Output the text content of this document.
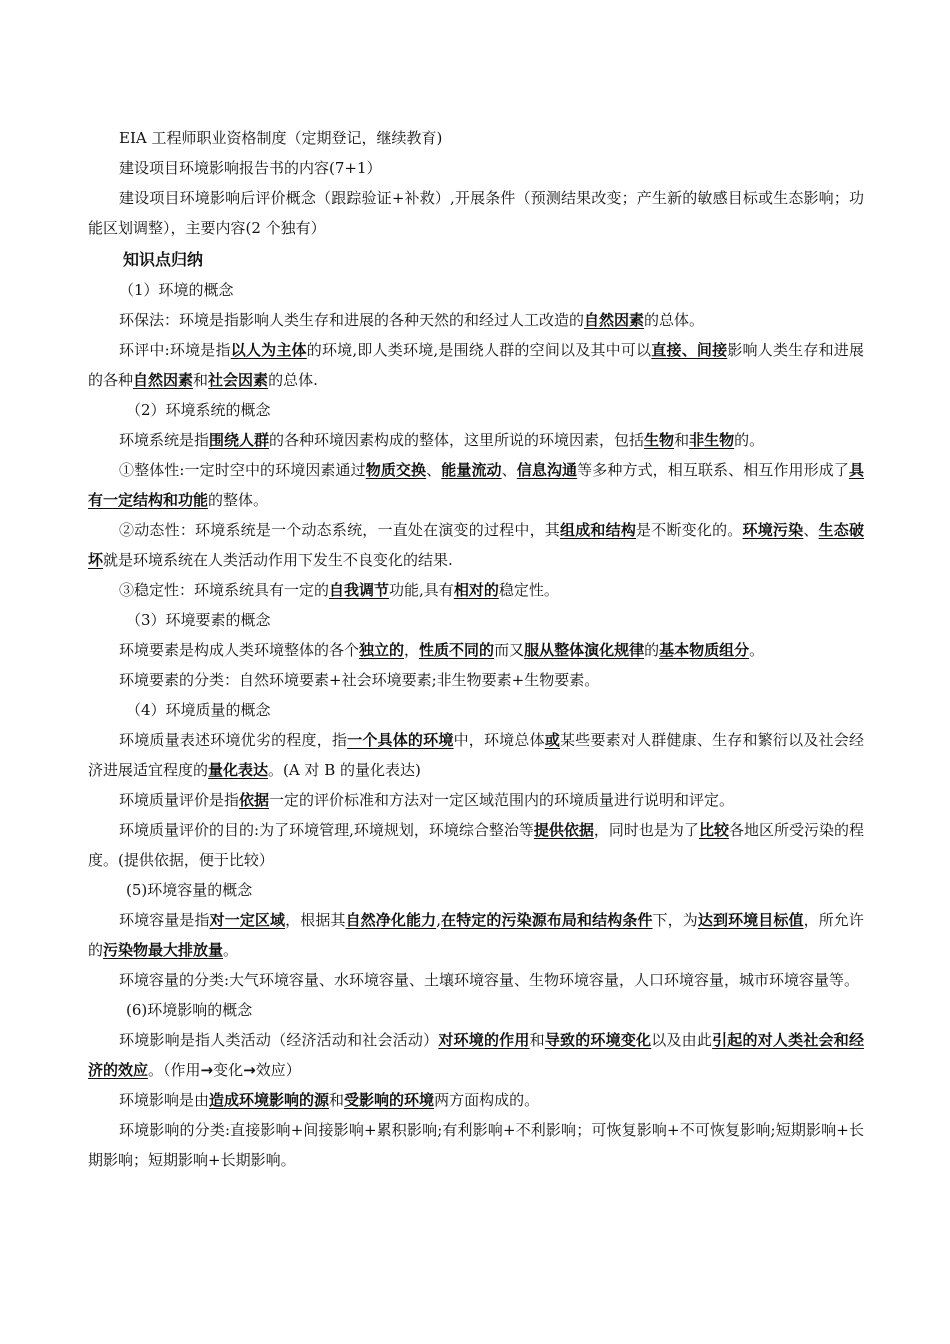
EIA 工程师职业资格制度（定期登记，继续教育)

建设项目环境影响报告书的内容(7+1）

建设项目环境影响后评价概念（跟踪验证+补救）,开展条件（预测结果改变；产生新的敏感目标或生态影响；功能区划调整），主要内容(2 个独有）

知识点归纳

（1）环境的概念

环保法：环境是指影响人类生存和进展的各种天然的和经过人工改造的自然因素的总体。

环评中:环境是指以人为主体的环境,即人类环境,是围绕人群的空间以及其中可以直接、间接影响人类生存和进展的各种自然因素和社会因素的总体.

（2）环境系统的概念

环境系统是指围绕人群的各种环境因素构成的整体，这里所说的环境因素，包括生物和非生物的。

①整体性:一定时空中的环境因素通过物质交换、能量流动、信息沟通等多种方式，相互联系、相互作用形成了具有一定结构和功能的整体。

②动态性：环境系统是一个动态系统，一直处在演变的过程中，其组成和结构是不断变化的。环境污染、生态破坏就是环境系统在人类活动作用下发生不良变化的结果.

③稳定性：环境系统具有一定的自我调节功能,具有相对的稳定性。

（3）环境要素的概念

环境要素是构成人类环境整体的各个独立的，性质不同的而又服从整体演化规律的基本物质组分。

环境要素的分类：自然环境要素+社会环境要素;非生物要素+生物要素。

（4）环境质量的概念

环境质量表述环境优劣的程度，指一个具体的环境中，环境总体或某些要素对人群健康、生存和繁衍以及社会经济进展适宜程度的量化表达。(A 对 B 的量化表达)

环境质量评价是指依据一定的评价标准和方法对一定区域范围内的环境质量进行说明和评定。

环境质量评价的目的:为了环境管理,环境规划，环境综合整治等提供依据，同时也是为了比较各地区所受污染的程度。(提供依据，便于比较）

(5)环境容量的概念

环境容量是指对一定区域，根据其自然净化能力,在特定的污染源布局和结构条件下，为达到环境目标值，所允许的污染物最大排放量。

环境容量的分类:大气环境容量、水环境容量、土壤环境容量、生物环境容量，人口环境容量，城市环境容量等。

(6)环境影响的概念

环境影响是指人类活动（经济活动和社会活动）对环境的作用和导致的环境变化以及由此引起的对人类社会和经济的效应。（作用→变化→效应）

环境影响是由造成环境影响的源和受影响的环境两方面构成的。

环境影响的分类:直接影响+间接影响+累积影响;有利影响+不利影响；可恢复影响+不可恢复影响;短期影响+长期影响；短期影响+长期影响。
